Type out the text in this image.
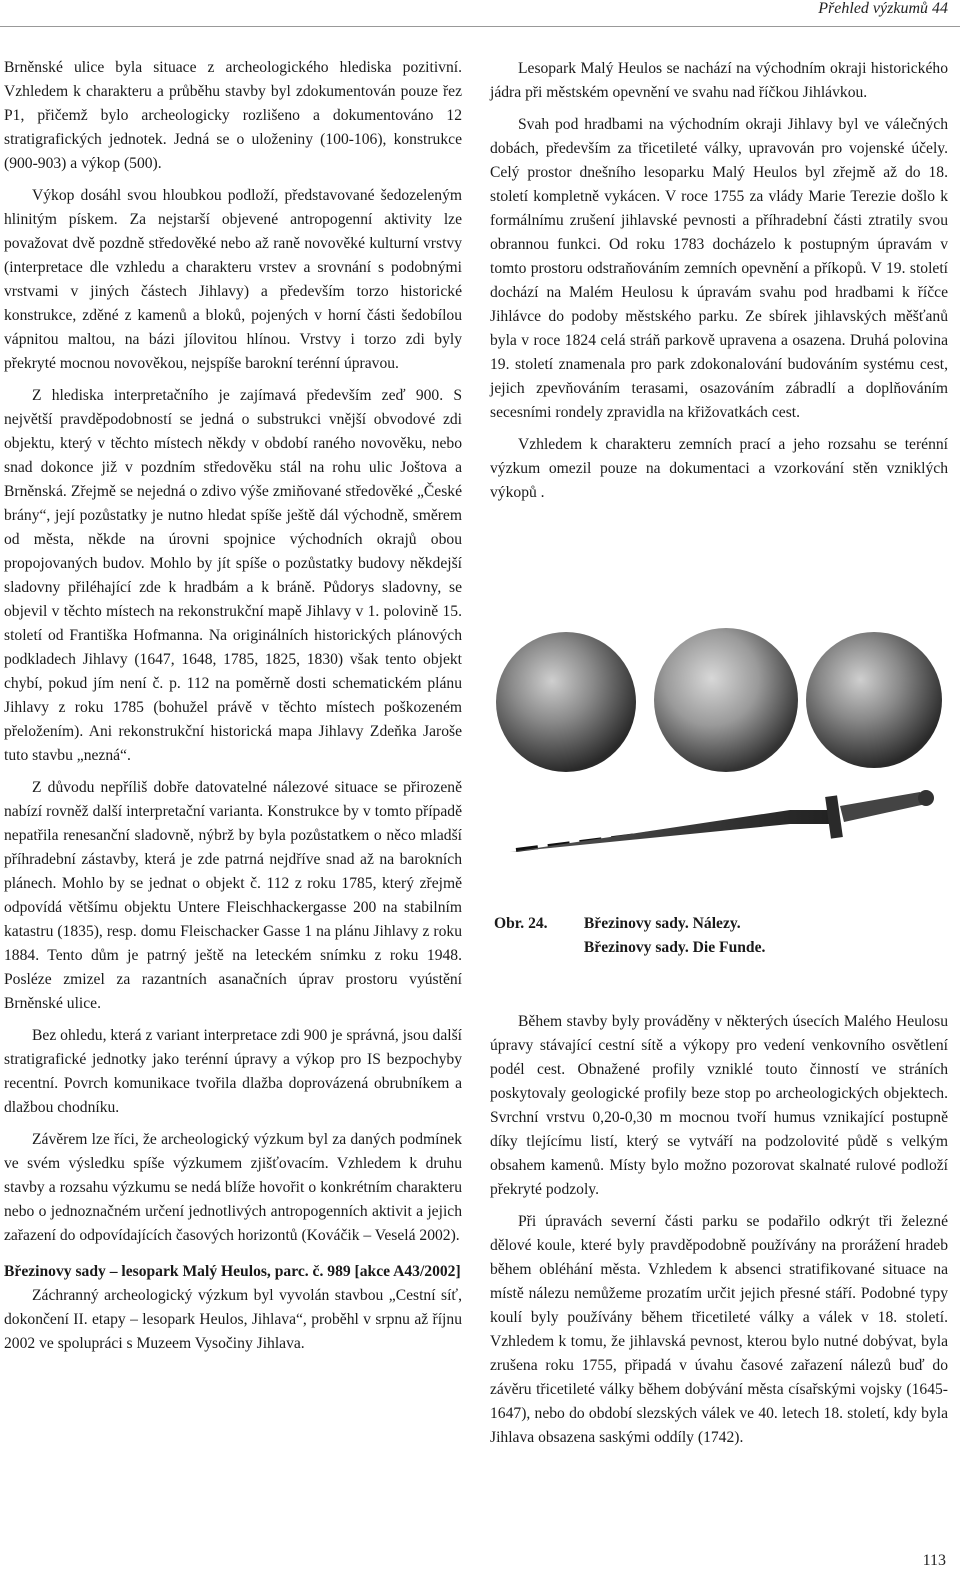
Přehled výzkumů 44

Brněnské ulice byla situace z archeologického hlediska pozitivní. Vzhledem k charakteru a průběhu stavby byl zdokumentován pouze řez P1, přičemž bylo archeologicky rozlišeno a dokumentováno 12 stratigrafických jednotek. Jedná se o uloženiny (100-106), konstrukce (900-903) a výkop (500).

Výkop dosáhl svou hloubkou podloží, představované šedozeleným hlinitým pískem. Za nejstarší objevené antropogenní aktivity lze považovat dvě pozdně středověké nebo až raně novověké kulturní vrstvy (interpretace dle vzhledu a charakteru vrstev a srovnání s podobnými vrstvami v jiných částech Jihlavy) a především torzo historické konstrukce, zděné z kamenů a bloků, pojených v horní části šedobílou vápnitou maltou, na bázi jílovitou hlínou. Vrstvy i torzo zdi byly překryté mocnou novověkou, nejspíše barokní terénní úpravou.

Z hlediska interpretačního je zajímavá především zeď 900. S největší pravděpodobností se jedná o substrukci vnější obvodové zdi objektu, který v těchto místech někdy v období raného novověku, nebo snad dokonce již v pozdním středověku stál na rohu ulic Joštova a Brněnská. Zřejmě se nejedná o zdivo výše zmiňované středověké „České brány“, její pozůstatky je nutno hledat spíše ještě dál východně, směrem od města, někde na úrovni spojnice východních okrajů obou propojovaných budov. Mohlo by jít spíše o pozůstatky budovy někdejší sladovny přiléhající zde k hradbám a k bráně. Půdorys sladovny, se objevil v těchto místech na rekonstrukční mapě Jihlavy v 1. polovině 15. století od Františka Hofmanna. Na originálních historických plánových podkladech Jihlavy (1647, 1648, 1785, 1825, 1830) však tento objekt chybí, pokud jím není č. p. 112 na poměrně dosti schematickém plánu Jihlavy z roku 1785 (bohužel právě v těchto místech poškozeném přeložením). Ani rekonstrukční historická mapa Jihlavy Zdeňka Jaroše tuto stavbu „nezná“.

Z důvodu nepříliš dobře datovatelné nálezové situace se přirozeně nabízí rovněž další interpretační varianta. Konstrukce by v tomto případě nepatřila renesanční sladovně, nýbrž by byla pozůstatkem o něco mladší příhradební zástavby, která je zde patrná nejdříve snad až na barokních plánech. Mohlo by se jednat o objekt č. 112 z roku 1785, který zřejmě odpovídá většímu objektu Untere Fleischhackergasse 200 na stabilním katastru (1835), resp. domu Fleischacker Gasse 1 na plánu Jihlavy z roku 1884. Tento dům je patrný ještě na leteckém snímku z roku 1948. Posléze zmizel za razantních asanačních úprav prostoru vyústění Brněnské ulice.

Bez ohledu, která z variant interpretace zdi 900 je správná, jsou další stratigrafické jednotky jako terénní úpravy a výkop pro IS bezpochyby recentní. Povrch komunikace tvořila dlažba doprovázená obrubníkem a dlažbou chodníku.

Závěrem lze říci, že archeologický výzkum byl za daných podmínek ve svém výsledku spíše výzkumem zjišťovacím. Vzhledem k druhu stavby a rozsahu výzkumu se nedá blíže hovořit o konkrétním charakteru nebo o jednoznačném určení jednotlivých antropogenních aktivit a jejich zařazení do odpovídajících časových horizontů (Kováčik – Veselá 2002).

Březinovy sady – lesopark Malý Heulos, parc. č. 989 [akce A43/2002]

Záchranný archeologický výzkum byl vyvolán stavbou „Cestní síť, dokončení II. etapy – lesopark Heulos, Jihlava“, proběhl v srpnu až říjnu 2002 ve spolupráci s Muzeem Vysočiny Jihlava.

Lesopark Malý Heulos se nachází na východním okraji historického jádra při městském opevnění ve svahu nad říčkou Jihlávkou.

Svah pod hradbami na východním okraji Jihlavy byl ve válečných dobách, především za třicetileté války, upravován pro vojenské účely. Celý prostor dnešního lesoparku Malý Heulos byl zřejmě až do 18. století kompletně vykácen. V roce 1755 za vlády Marie Terezie došlo k formálnímu zrušení jihlavské pevnosti a příhradební části ztratily svou obrannou funkci. Od roku 1783 docházelo k postupným úpravám v tomto prostoru odstraňováním zemních opevnění a příkopů. V 19. století dochází na Malém Heulosu k úpravám svahu pod hradbami k říčce Jihlávce do podoby městského parku. Ze sbírek jihlavských měšťanů byla v roce 1824 celá stráň parkově upravena a osazena. Druhá polovina 19. století znamenala pro park zdokonalování budováním systému cest, jejich zpevňováním terasami, osazováním zábradlí a doplňováním secesními rondely zpravidla na křižovatkách cest.

Vzhledem k charakteru zemních prací a jeho rozsahu se terénní výzkum omezil pouze na dokumentaci a vzorkování stěn vzniklých výkopů .

Obr. 24. Březinovy sady. Nálezy.
Březinovy sady. Die Funde.

Během stavby byly prováděny v některých úsecích Malého Heulosu úpravy stávající cestní sítě a výkopy pro vedení venkovního osvětlení podél cest. Obnažené profily vzniklé touto činností ve stráních poskytovaly geologické profily beze stop po archeologických objektech. Svrchní vrstvu 0,20-0,30 m mocnou tvoří humus vznikající postupně díky tlejícímu listí, který se vytváří na podzolovité půdě s velkým obsahem kamenů. Místy bylo možno pozorovat skalnaté rulové podloží překryté podzoly.

Při úpravách severní části parku se podařilo odkrýt tři železné dělové koule, které byly pravděpodobně používány na prorážení hradeb během obléhání města. Vzhledem k absenci stratifikované situace na místě nálezu nemůžeme prozatím určit jejich přesné stáří. Podobné typy koulí byly používány během třicetileté války a válek v 18. století. Vzhledem k tomu, že jihlavská pevnost, kterou bylo nutné dobývat, byla zrušena roku 1755, připadá v úvahu časové zařazení nálezů buď do závěru třicetileté války během dobývání města císařskými vojsky (1645-1647), nebo do období slezských válek ve 40. letech 18. století, kdy byla Jihlava obsazena saskými oddíly (1742).

113
